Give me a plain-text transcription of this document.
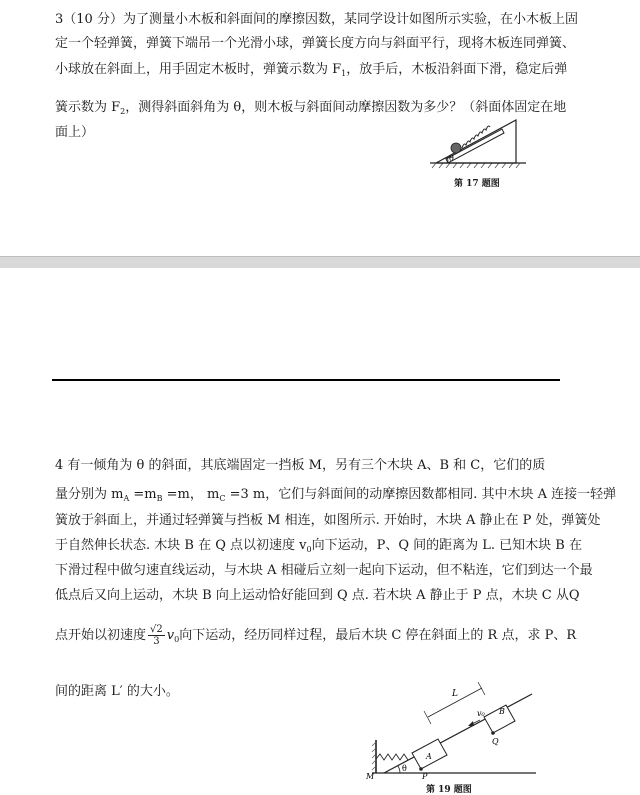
3（10 分）为了测量小木板和斜面间的摩擦因数，某同学设计如图所示实验，在小木板上固
定一个轻弹簧，弹簧下端吊一个光滑小球，弹簧长度方向与斜面平行，现将木板连同弹簧、
小球放在斜面上，用手固定木板时，弹簧示数为 $F_1$，放手后，木板沿斜面下滑，稳定后弹
簧示数为 $F_2$，测得斜面斜角为 θ，则木板与斜面间动摩擦因数为多少？（斜面体固定在地
面上）
θ
第 17 题图
4 有一倾角为 θ 的斜面，其底端固定一挡板 M，另有三个木块 A、B 和 C，它们的质
量分别为 $m_A =m_B =m$， $m_C =3$ m，它们与斜面间的动摩擦因数都相同. 其中木块 A 连接一轻弹
簧放于斜面上，并通过轻弹簧与挡板 M 相连，如图所示. 开始时，木块 A 静止在 P 处，弹簧处
于自然伸长状态. 木块 B 在 Q 点以初速度 $v_0$向下运动，P、Q 间的距离为 L. 已知木块 B 在
下滑过程中做匀速直线运动，与木块 A 相碰后立刻一起向下运动，但不粘连，它们到达一个最
低点后又向上运动，木块 B 向上运动恰好能回到 Q 点. 若木块 A 静止于 P 点，木块 C 从Q
点开始以初速度 $\frac{√2}{3} v_0$向下运动，经历同样过程，最后木块 C 停在斜面上的 R 点，求 P、R
间的距离 L′ 的大小。	L
B
v₀
Q
A
P
M
θ
第 19 题图
